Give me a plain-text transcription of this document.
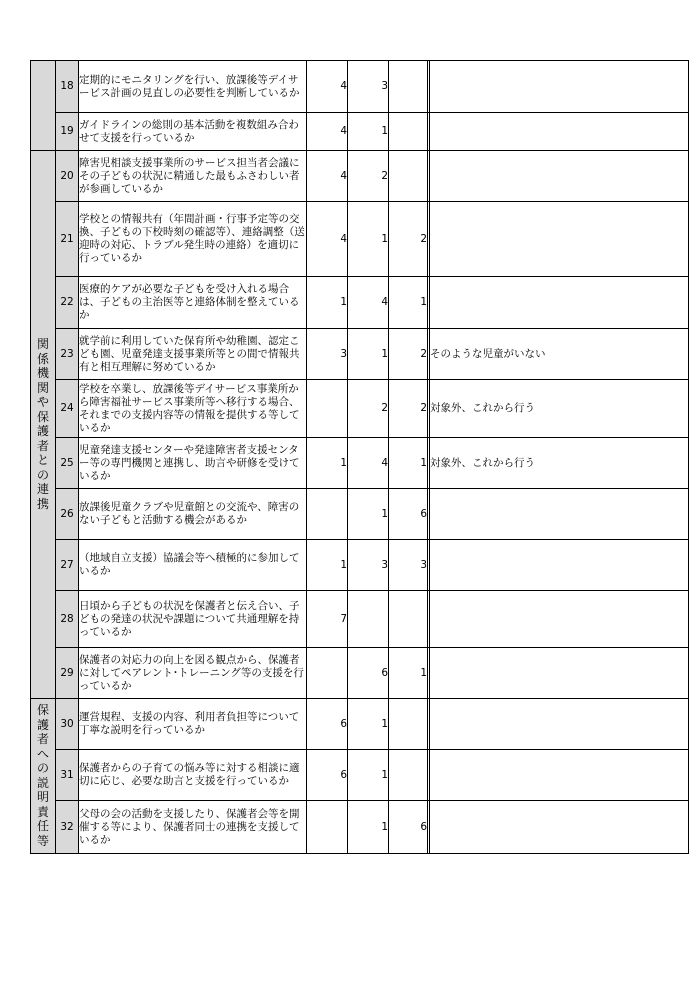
	18	定期的にモニタリングを行い、放課後等デイサービス計画の見直しの必要性を判断しているか	4	3			
	19	ガイドラインの総則の基本活動を複数組み合わせて支援を行っているか	4	1			
関係機関や保護者との連携	20	障害児相談支援事業所のサービス担当者会議にその子どもの状況に精通した最もふさわしい者が参画しているか	4	2			
	21	学校との情報共有（年間計画・行事予定等の交換、子どもの下校時刻の確認等）、連絡調整（送迎時の対応、トラブル発生時の連絡）を適切に行っているか	4	1	2		
	22	医療的ケアが必要な子どもを受け入れる場合は、子どもの主治医等と連絡体制を整えているか	1	4	1		
	23	就学前に利用していた保育所や幼稚園、認定こども園、児童発達支援事業所等との間で情報共有と相互理解に努めているか	3	1	2		そのような児童がいない
	24	学校を卒業し、放課後等デイサービス事業所から障害福祉サービス事業所等へ移行する場合、それまでの支援内容等の情報を提供する等しているか		2	2		対象外、これから行う
	25	児童発達支援センターや発達障害者支援センター等の専門機関と連携し、助言や研修を受けているか	1	4	1		対象外、これから行う
	26	放課後児童クラブや児童館との交流や、障害のない子どもと活動する機会があるか		1	6		
	27	（地域自立支援）協議会等へ積極的に参加しているか	1	3	3		
	28	日頃から子どもの状況を保護者と伝え合い、子どもの発達の状況や課題について共通理解を持っているか	7				
	29	保護者の対応力の向上を図る観点から、保護者に対してペアレント･トレーニング等の支援を行っているか		6	1		
保護者への説明責任等	30	運営規程、支援の内容、利用者負担等について丁寧な説明を行っているか	6	1			
	31	保護者からの子育ての悩み等に対する相談に適切に応じ、必要な助言と支援を行っているか	6	1			
	32	父母の会の活動を支援したり、保護者会等を開催する等により、保護者同士の連携を支援しているか		1	6		
